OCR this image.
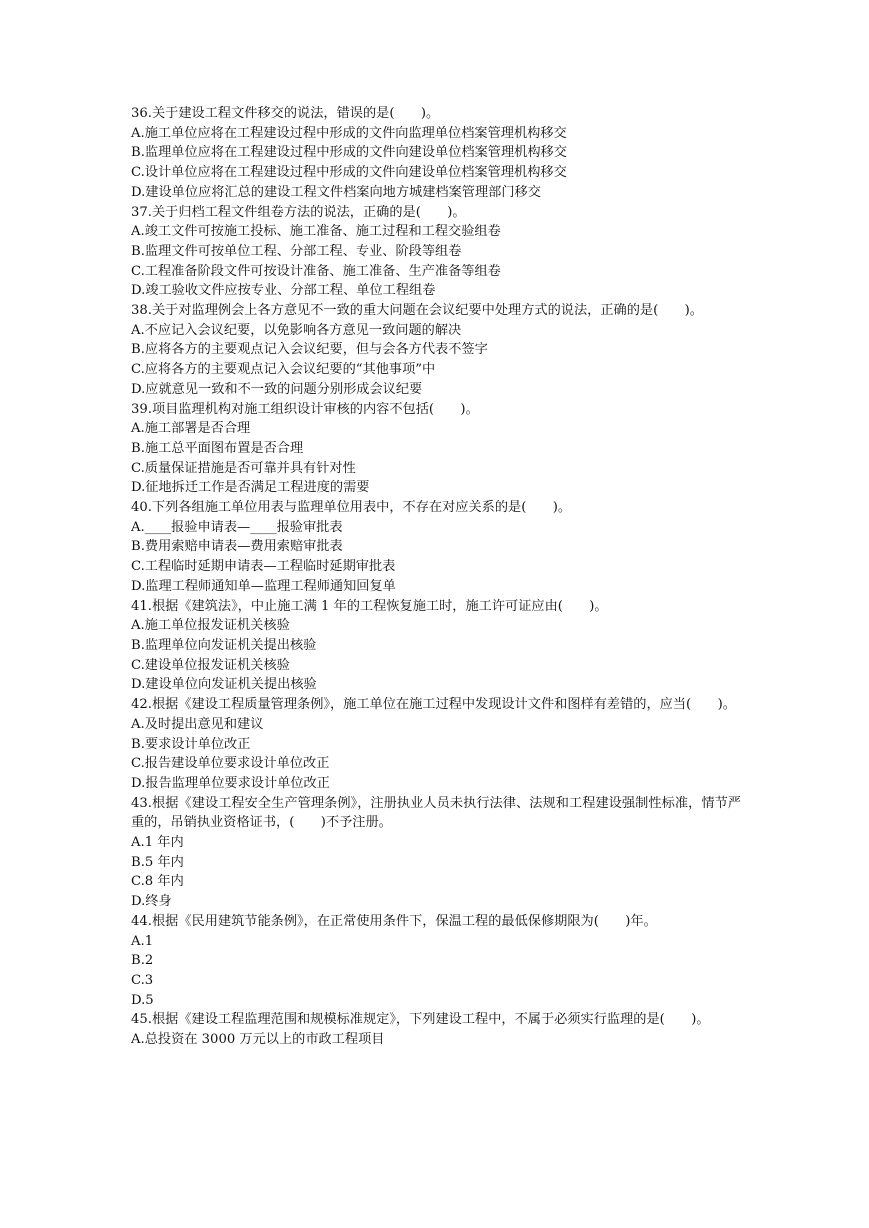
36.关于建设工程文件移交的说法，错误的是(　　)。
A.施工单位应将在工程建设过程中形成的文件向监理单位档案管理机构移交
B.监理单位应将在工程建设过程中形成的文件向建设单位档案管理机构移交
C.设计单位应将在工程建设过程中形成的文件向建设单位档案管理机构移交
D.建设单位应将汇总的建设工程文件档案向地方城建档案管理部门移交
37.关于归档工程文件组卷方法的说法，正确的是(　　)。
A.竣工文件可按施工投标、施工准备、施工过程和工程交验组卷
B.监理文件可按单位工程、分部工程、专业、阶段等组卷
C.工程准备阶段文件可按设计准备、施工准备、生产准备等组卷
D.竣工验收文件应按专业、分部工程、单位工程组卷
38.关于对监理例会上各方意见不一致的重大问题在会议纪要中处理方式的说法，正确的是(　　)。
A.不应记入会议纪要，以免影响各方意见一致问题的解决
B.应将各方的主要观点记入会议纪要，但与会各方代表不签字
C.应将各方的主要观点记入会议纪要的“其他事项”中
D.应就意见一致和不一致的问题分别形成会议纪要
39.项目监理机构对施工组织设计审核的内容不包括(　　)。
A.施工部署是否合理
B.施工总平面图布置是否合理
C.质量保证措施是否可靠并具有针对性
D.征地拆迁工作是否满足工程进度的需要
40.下列各组施工单位用表与监理单位用表中，不存在对应关系的是(　　)。
A.____报验申请表—____报验审批表
B.费用索赔申请表—费用索赔审批表
C.工程临时延期申请表—工程临时延期审批表
D.监理工程师通知单—监理工程师通知回复单
41.根据《建筑法》，中止施工满 1 年的工程恢复施工时，施工许可证应由(　　)。
A.施工单位报发证机关核验
B.监理单位向发证机关提出核验
C.建设单位报发证机关核验
D.建设单位向发证机关提出核验
42.根据《建设工程质量管理条例》，施工单位在施工过程中发现设计文件和图样有差错的，应当(　　)。
A.及时提出意见和建议
B.要求设计单位改正
C.报告建设单位要求设计单位改正
D.报告监理单位要求设计单位改正
43.根据《建设工程安全生产管理条例》，注册执业人员未执行法律、法规和工程建设强制性标准，情节严重的，吊销执业资格证书，(　　)不予注册。
A.1 年内
B.5 年内
C.8 年内
D.终身
44.根据《民用建筑节能条例》，在正常使用条件下，保温工程的最低保修期限为(　　)年。
A.1
B.2
C.3
D.5
45.根据《建设工程监理范围和规模标准规定》，下列建设工程中，不属于必须实行监理的是(　　)。
A.总投资在 3000 万元以上的市政工程项目
